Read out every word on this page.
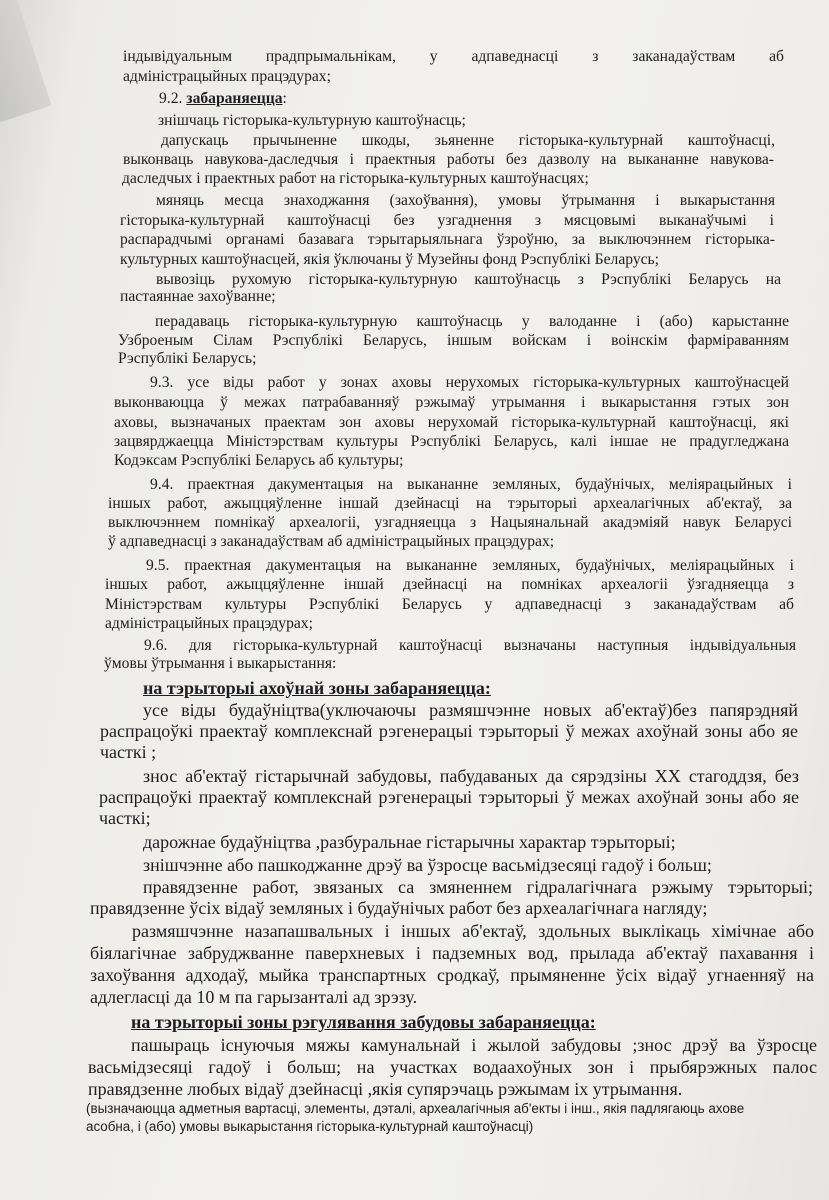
індывідуальным прадпрымальнікам, у адпаведнасці з заканадаўствам аб
адміністрацыйных працэдурах;
9.2. забараняецца:
знішчаць гісторыка-культурную каштоўнасць;
дапускаць прычыненне шкоды, зьяненне гісторыка-культурнай каштоўнасці,
выконваць навукова-даследчыя і праектныя работы без дазволу на выкананне навукова-
даследчых і праектных работ на гісторыка-культурных каштоўнасцях;
мяняць месца знаходжання (захоўвання), умовы ўтрымання і выкарыстання
гісторыка-культурнай каштоўнасці без узгаднення з мясцовымі выканаўчымі і
распарадчымі органамі базавага тэрытарыяльнага ўзроўню, за выключэннем гісторыка-
культурных каштоўнасцей, якія ўключаны ў Музейны фонд Рэспублікі Беларусь;
вывозіць рухомую гісторыка-культурную каштоўнасць з Рэспублікі Беларусь на
пастаяннае захоўванне;
перадаваць гісторыка-культурную каштоўнасць у валоданне і (або) карыстанне
Узброеным Сілам Рэспублікі Беларусь, іншым войскам і воінскім фарміраванням
Рэспублікі Беларусь;
9.3. усе віды работ у зонах аховы нерухомых гісторыка-культурных каштоўнасцей
выконваюцца ў межах патрабаванняў рэжымаў утрымання і выкарыстання гэтых зон
аховы, вызначаных праектам зон аховы нерухомай гісторыка-культурнай каштоўнасці, які
зацвярджаецца Міністэрствам культуры Рэспублікі Беларусь, калі іншае не прадугледжана
Кодэксам Рэспублікі Беларусь аб культуры;
9.4. праектная дакументацыя на выкананне земляных, будаўнічых, меліярацыйных і
іншых работ, ажыццяўленне іншай дзейнасці на тэрыторыі археалагічных аб'ектаў, за
выключэннем помнікаў археалогіі, узгадняецца з Нацыянальнай акадэміяй навук Беларусі
ў адпаведнасці з заканадаўствам аб адміністрацыйных працэдурах;
9.5. праектная дакументацыя на выкананне земляных, будаўнічых, меліярацыйных і
іншых работ, ажыццяўленне іншай дзейнасці на помніках археалогіі ўзгадняецца з
Міністэрствам культуры Рэспублікі Беларусь у адпаведнасці з заканадаўствам аб
адміністрацыйных працэдурах;
9.6. для гісторыка-культурнай каштоўнасці вызначаны наступныя індывідуальныя
ўмовы ўтрымання і выкарыстання:
на тэрыторыі ахоўнай зоны забараняецца:
усе віды будаўніцтва(уключаючы размяшчэнне новых аб'ектаў)без папярэдняй
распрацоўкі праектаў комплекснай рэгенерацыі тэрыторыі ў межах ахоўнай зоны або яе
часткі ;
знос аб'ектаў гістарычнай забудовы, пабудаваных да сярэдзіны XX стагоддзя, без
распрацоўкі праектаў комплекснай рэгенерацыі тэрыторыі ў межах ахоўнай зоны або яе
часткі;
дарожнае будаўніцтва ,разбуральнае гістарычны характар тэрыторыі;
знішчэнне або пашкоджанне дрэў ва ўзросце васьмідзесяці гадоў і больш;
правядзенне работ, звязаных са змяненнем гідралагічнага рэжыму тэрыторыі;
правядзенне ўсіх відаў земляных і будаўнічых работ без археалагічнага нагляду;
размяшчэнне назапашвальных і іншых аб'ектаў, здольных выклікаць хімічнае або
біялагічнае забруджванне паверхневых і падземных вод, прылада аб'ектаў пахавання і
захоўвання адходаў, мыйка транспартных сродкаў, прымяненне ўсіх відаў угнаенняў на
адлегласці да 10 м па гарызанталі ад зрэзу.
на тэрыторыі зоны рэгулявання забудовы забараняецца:
пашыраць існуючыя мяжы камунальнай і жылой забудовы ;знос дрэў ва ўзросце
васьмідзесяці гадоў і больш; на участках водаахоўных зон і прыбярэжных палос
правядзенне любых відаў дзейнасці ,якія супярэчаць рэжымам іх утрымання.
(вызначаюцца адметныя вартасці, элементы, дэталі, археалагічныя аб'екты і інш., якія падлягаюць ахове
асобна, і (або) умовы выкарыстання гісторыка-культурнай каштоўнасці)
